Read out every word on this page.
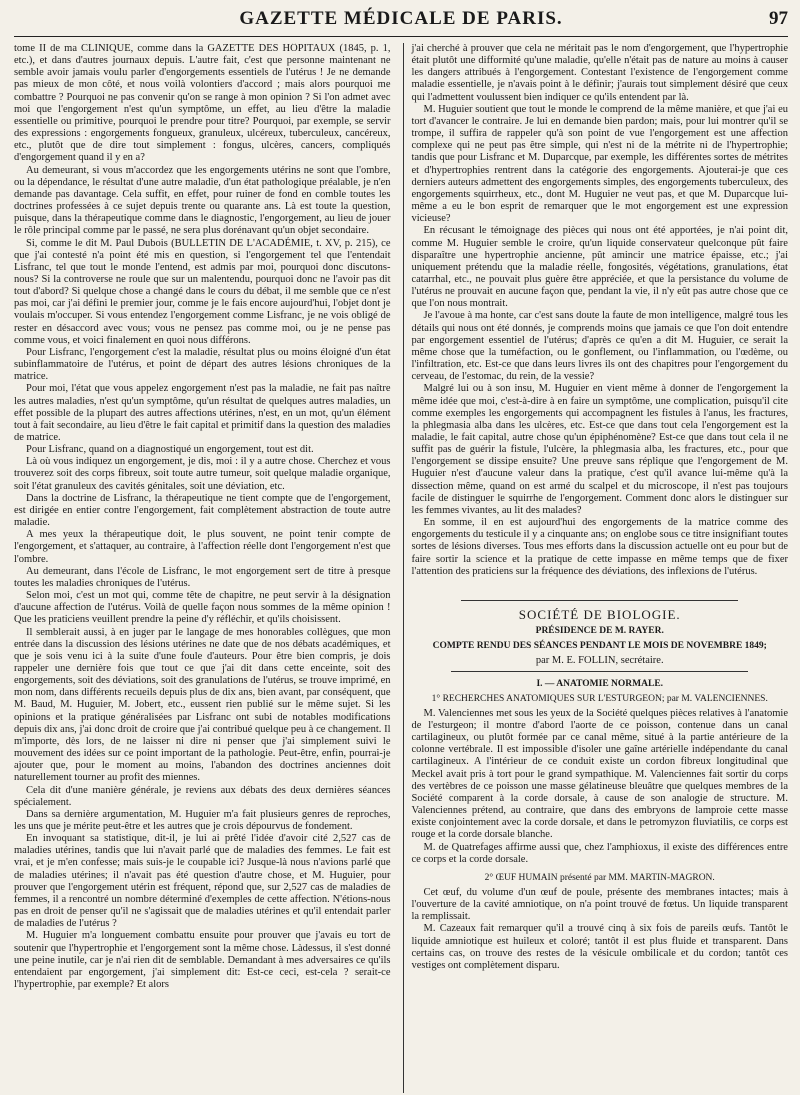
GAZETTE MÉDICALE DE PARIS.	97

tome II de ma CLINIQUE, comme dans la GAZETTE DES HÔPITAUX (1845, p. 1, etc.), et dans d'autres journaux depuis. L'autre fait, c'est que personne maintenant ne semble avoir jamais voulu parler d'engorgements essentiels de l'utérus ! Je ne demande pas mieux de mon côté, et nous voilà volontiers d'accord ; mais alors pourquoi me combattre ? Pourquoi ne pas convenir qu'on se range à mon opinion ? Si l'on admet avec moi que l'engorgement n'est qu'un symptôme, un effet, au lieu d'être la maladie essentielle ou primitive, pourquoi le prendre pour titre? Pourquoi, par exemple, se servir des expressions : engorgements fongueux, granuleux, ulcéreux, tuberculeux, cancéreux, etc., plutôt que de dire tout simplement : fongus, ulcères, cancers, compliqués d'engorgement quand il y en a?

Au demeurant, si vous m'accordez que les engorgements utérins ne sont que l'ombre, ou la dépendance, le résultat d'une autre maladie, d'un état pathologique préalable, je n'en demande pas davantage. Cela suffit, en effet, pour ruiner de fond en comble toutes les doctrines professées à ce sujet depuis trente ou quarante ans. Là est toute la question, puisque, dans la thérapeutique comme dans le diagnostic, l'engorgement, au lieu de jouer le rôle principal comme par le passé, ne sera plus dorénavant qu'un objet secondaire.

Si, comme le dit M. Paul Dubois (BULLETIN DE L'ACADÉMIE, t. XV, p. 215), ce que j'ai contesté n'a point été mis en question, si l'engorgement tel que l'entendait Lisfranc, tel que tout le monde l'entend, est admis par moi, pourquoi donc discutons-nous? Si la controverse ne roule que sur un malentendu, pourquoi donc ne l'avoir pas dit tout d'abord? Si quelque chose a changé dans le cours du débat, il me semble que ce n'est pas moi, car j'ai défini le premier jour, comme je le fais encore aujourd'hui, l'objet dont je voulais m'occuper. Si vous entendez l'engorgement comme Lisfranc, je ne vois obligé de rester en désaccord avec vous; vous ne pensez pas comme moi, ou je ne pense pas comme vous, et voici finalement en quoi nous différons.

Pour Lisfranc, l'engorgement c'est la maladie, résultat plus ou moins éloigné d'un état subinflammatoire de l'utérus, et point de départ des autres lésions chroniques de la matrice.

Pour moi, l'état que vous appelez engorgement n'est pas la maladie, ne fait pas naître les autres maladies, n'est qu'un symptôme, qu'un résultat de quelques autres maladies, un effet possible de la plupart des autres affections utérines, n'est, en un mot, qu'un élément tout à fait secondaire, au lieu d'être le fait capital et primitif dans la question des maladies de matrice.

Pour Lisfranc, quand on a diagnostiqué un engorgement, tout est dit.

Là où vous indiquez un engorgement, je dis, moi : il y a autre chose. Cherchez et vous trouverez soit des corps fibreux, soit toute autre tumeur, soit quelque maladie organique, soit l'état granuleux des cavités génitales, soit une déviation, etc.

Dans la doctrine de Lisfranc, la thérapeutique ne tient compte que de l'engorgement, est dirigée en entier contre l'engorgement, fait complètement abstraction de toute autre maladie.

A mes yeux la thérapeutique doit, le plus souvent, ne point tenir compte de l'engorgement, et s'attaquer, au contraire, à l'affection réelle dont l'engorgement n'est que l'ombre.

Au demeurant, dans l'école de Lisfranc, le mot engorgement sert de titre à presque toutes les maladies chroniques de l'utérus.

Selon moi, c'est un mot qui, comme tête de chapitre, ne peut servir à la désignation d'aucune affection de l'utérus. Voilà de quelle façon nous sommes de la même opinion ! Que les praticiens veuillent prendre la peine d'y réfléchir, et qu'ils choisissent.

Il semblerait aussi, à en juger par le langage de mes honorables collègues, que mon entrée dans la discussion des lésions utérines ne date que de nos débats académiques, et que je sois venu ici à la suite d'une foule d'auteurs. Pour être bien compris, je dois rappeler une dernière fois que tout ce que j'ai dit dans cette enceinte, soit des engorgements, soit des déviations, soit des granulations de l'utérus, se trouve imprimé, en mon nom, dans différents recueils depuis plus de dix ans, bien avant, par conséquent, que M. Baud, M. Huguier, M. Jobert, etc., eussent rien publié sur le même sujet. Si les opinions et la pratique généralisées par Lisfranc ont subi de notables modifications depuis dix ans, j'ai donc droit de croire que j'ai contribué quelque peu à ce changement. Il m'importe, dès lors, de ne laisser ni dire ni penser que j'ai simplement suivi le mouvement des idées sur ce point important de la pathologie. Peut-être, enfin, pourrai-je ajouter que, pour le moment au moins, l'abandon des doctrines anciennes doit naturellement tourner au profit des miennes.

Cela dit d'une manière générale, je reviens aux débats des deux dernières séances spécialement.

Dans sa dernière argumentation, M. Huguier m'a fait plusieurs genres de reproches, les uns que je mérite peut-être et les autres que je crois dépourvus de fondement.

En invoquant sa statistique, dit-il, je lui ai prêté l'idée d'avoir cité 2,527 cas de maladies utérines, tandis que lui n'avait parlé que de maladies des femmes. Le fait est vrai, et je m'en confesse; mais suis-je le coupable ici? Jusque-là nous n'avions parlé que de maladies utérines; il n'avait pas été question d'autre chose, et M. Huguier, pour prouver que l'engorgement utérin est fréquent, répond que, sur 2,527 cas de maladies de femmes, il a rencontré un nombre déterminé d'exemples de cette affection. N'étions-nous pas en droit de penser qu'il ne s'agissait que de maladies utérines et qu'il entendait parler de maladies de l'utérus ?

M. Huguier m'a longuement combattu ensuite pour prouver que j'avais eu tort de soutenir que l'hypertrophie et l'engorgement sont la même chose. Làdessus, il s'est donné une peine inutile, car je n'ai rien dit de semblable. Demandant à mes adversaires ce qu'ils entendaient par engorgement, j'ai simplement dit: Est-ce ceci, est-cela ? serait-ce l'hypertrophie, par exemple? Et alors

j'ai cherché à prouver que cela ne méritait pas le nom d'engorgement, que l'hypertrophie était plutôt une difformité qu'une maladie, qu'elle n'était pas de nature au moins à causer les dangers attribués à l'engorgement. Contestant l'existence de l'engorgement comme maladie essentielle, je n'avais point à le définir; j'aurais tout simplement désiré que ceux qui l'admettent voulussent bien indiquer ce qu'ils entendent par là.

M. Huguier soutient que tout le monde le comprend de la même manière, et que j'ai eu tort d'avancer le contraire. Je lui en demande bien pardon; mais, pour lui montrer qu'il se trompe, il suffira de rappeler qu'à son point de vue l'engorgement est une affection complexe qui ne peut pas être simple, qui n'est ni de la métrite ni de l'hypertrophie; tandis que pour Lisfranc et M. Duparcque, par exemple, les différentes sortes de métrites et d'hypertrophies rentrent dans la catégorie des engorgements. Ajouterai-je que ces derniers auteurs admettent des engorgements simples, des engorgements tuberculeux, des engorgements squirrheux, etc., dont M. Huguier ne veut pas, et que M. Duparcque lui-même a eu le bon esprit de remarquer que le mot engorgement est une expression vicieuse?

En récusant le témoignage des pièces qui nous ont été apportées, je n'ai point dit, comme M. Huguier semble le croire, qu'un liquide conservateur quelconque pût faire disparaître une hypertrophie ancienne, pût amincir une matrice épaisse, etc.; j'ai uniquement prétendu que la maladie réelle, fongosités, végétations, granulations, état catarrhal, etc., ne pouvait plus guère être appréciée, et que la persistance du volume de l'utérus ne prouvait en aucune façon que, pendant la vie, il n'y eût pas autre chose que ce que l'on nous montrait.

Je l'avoue à ma honte, car c'est sans doute la faute de mon intelligence, malgré tous les détails qui nous ont été donnés, je comprends moins que jamais ce que l'on doit entendre par engorgement essentiel de l'utérus; d'après ce qu'en a dit M. Huguier, ce serait la même chose que la tuméfaction, ou le gonflement, ou l'inflammation, ou l'œdème, ou l'infiltration, etc. Est-ce que dans leurs livres ils ont des chapitres pour l'engorgement du cerveau, de l'estomac, du rein, de la vessie?

Malgré lui ou à son insu, M. Huguier en vient même à donner de l'engorgement la même idée que moi, c'est-à-dire à en faire un symptôme, une complication, puisqu'il cite comme exemples les engorgements qui accompagnent les fistules à l'anus, les fractures, la phlegmasia alba dans les ulcères, etc. Est-ce que dans tout cela l'engorgement est la maladie, le fait capital, autre chose qu'un épiphénomène? Est-ce que dans tout cela il ne suffit pas de guérir la fistule, l'ulcère, la phlegmasia alba, les fractures, etc., pour que l'engorgement se dissipe ensuite? Une preuve sans réplique que l'engorgement de M. Huguier n'est d'aucune valeur dans la pratique, c'est qu'il avance lui-même qu'à la dissection même, quand on est armé du scalpel et du microscope, il n'est pas toujours facile de distinguer le squirrhe de l'engorgement. Comment donc alors le distinguer sur les femmes vivantes, au lit des malades?

En somme, il en est aujourd'hui des engorgements de la matrice comme des engorgements du testicule il y a cinquante ans; on englobe sous ce titre insignifiant toutes sortes de lésions diverses. Tous mes efforts dans la discussion actuelle ont eu pour but de faire sortir la science et la pratique de cette impasse en même temps que de fixer l'attention des praticiens sur la fréquence des déviations, des inflexions de l'utérus.

SOCIÉTÉ DE BIOLOGIE.

PRÉSIDENCE DE M. RAYER.

COMPTE RENDU DES SÉANCES PENDANT LE MOIS DE NOVEMBRE 1849;

par M. E. FOLLIN, secrétaire.

I. — ANATOMIE NORMALE.

1° RECHERCHES ANATOMIQUES SUR L'ESTURGEON; par M. VALENCIENNES.

M. Valenciennes met sous les yeux de la Société quelques pièces relatives à l'anatomie de l'esturgeon; il montre d'abord l'aorte de ce poisson, contenue dans un canal cartilagineux, ou plutôt formée par ce canal même, situé à la partie antérieure de la colonne vertébrale. Il est impossible d'isoler une gaîne artérielle indépendante du canal cartilagineux. A l'intérieur de ce conduit existe un cordon fibreux longitudinal que Meckel avait pris à tort pour le grand sympathique. M. Valenciennes fait sortir du corps des vertèbres de ce poisson une masse gélatineuse bleuâtre que quelques membres de la Société comparent à la corde dorsale, à cause de son analogie de structure. M. Valenciennes prétend, au contraire, que dans des embryons de lamproie cette masse existe conjointement avec la corde dorsale, et dans le petromyzon fluviatilis, ce corps est rouge et la corde dorsale blanche.

M. de Quatrefages affirme aussi que, chez l'amphioxus, il existe des différences entre ce corps et la corde dorsale.

2° ŒUF HUMAIN présenté par MM. MARTIN-MAGRON.

Cet œuf, du volume d'un œuf de poule, présente des membranes intactes; mais à l'ouverture de la cavité amniotique, on n'a point trouvé de fœtus. Un liquide transparent la remplissait.

M. Cazeaux fait remarquer qu'il a trouvé cinq à six fois de pareils œufs. Tantôt le liquide amniotique est huileux et coloré; tantôt il est plus fluide et transparent. Dans certains cas, on trouve des restes de la vésicule ombilicale et du cordon; tantôt ces vestiges ont complètement disparu.
